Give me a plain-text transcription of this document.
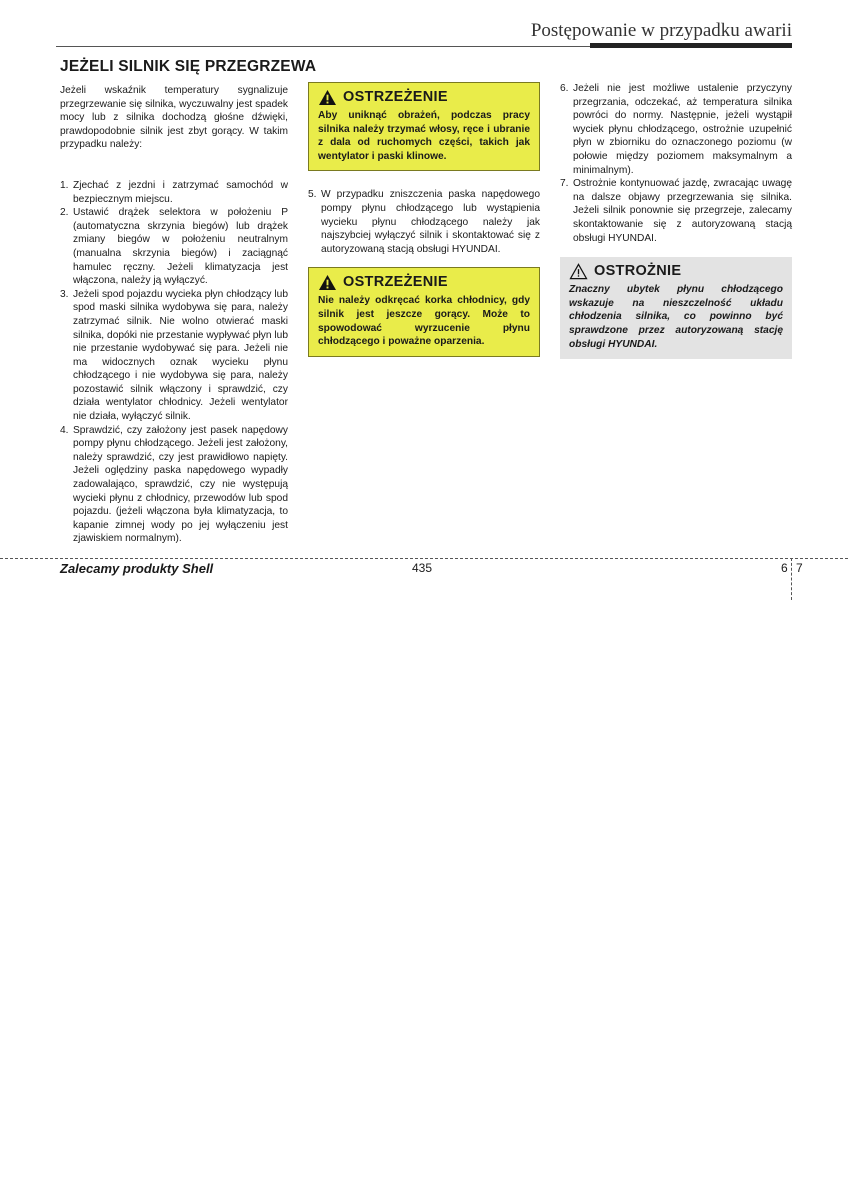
Postępowanie w przypadku awarii
JEŻELI SILNIK SIĘ PRZEGRZEWA

Jeżeli wskaźnik temperatury sygnalizuje przegrzewanie się silnika, wyczuwalny jest spadek mocy lub z silnika dochodzą głośne dźwięki, prawdopodobnie silnik jest zbyt gorący. W takim przypadku należy:

1. Zjechać z jezdni i zatrzymać samochód w bezpiecznym miejscu.
2. Ustawić drążek selektora w położeniu P (automatyczna skrzynia biegów) lub drążek zmiany biegów w położeniu neutralnym (manualna skrzynia biegów) i zaciągnąć hamulec ręczny. Jeżeli klimatyzacja jest włączona, należy ją wyłączyć.
3. Jeżeli spod pojazdu wycieka płyn chłodzący lub spod maski silnika wydobywa się para, należy zatrzymać silnik. Nie wolno otwierać maski silnika, dopóki nie przestanie wypływać płyn lub nie przestanie wydobywać się para. Jeżeli nie ma widocznych oznak wycieku płynu chłodzącego i nie wydobywa się para, należy pozostawić silnik włączony i sprawdzić, czy działa wentylator chłodnicy. Jeżeli wentylator nie działa, wyłączyć silnik.
4. Sprawdzić, czy założony jest pasek napędowy pompy płynu chłodzącego. Jeżeli jest założony, należy sprawdzić, czy jest prawidłowo napięty. Jeżeli oględziny paska napędowego wypadły zadowalająco, sprawdzić, czy nie występują wycieki płynu z chłodnicy, przewodów lub spod pojazdu. (jeżeli włączona była klimatyzacja, to kapanie zimnej wody po jej wyłączeniu jest zjawiskiem normalnym).
OSTRZEŻENIE
Aby uniknąć obrażeń, podczas pracy silnika należy trzymać włosy, ręce i ubranie z dala od ruchomych części, takich jak wentylator i paski klinowe.
5. W przypadku zniszczenia paska napędowego pompy płynu chłodzącego lub wystąpienia wycieku płynu chłodzącego należy jak najszybciej wyłączyć silnik i skontaktować się z autoryzowaną stacją obsługi HYUNDAI.
OSTRZEŻENIE
Nie należy odkręcać korka chłodnicy, gdy silnik jest jeszcze gorący. Może to spowodować wyrzucenie płynu chłodzącego i poważne oparzenia.
6. Jeżeli nie jest możliwe ustalenie przyczyny przegrzania, odczekać, aż temperatura silnika powróci do normy. Następnie, jeżeli wystąpił wyciek płynu chłodzącego, ostrożnie uzupełnić płyn w zbiorniku do oznaczonego poziomu (w połowie między poziomem maksymalnym a minimalnym).
7. Ostrożnie kontynuować jazdę, zwracając uwagę na dalsze objawy przegrzewania się silnika. Jeżeli silnik ponownie się przegrzeje, zalecamy skontaktowanie się z autoryzowaną stacją obsługi HYUNDAI.
OSTROŻNIE
Znaczny ubytek płynu chłodzącego wskazuje na nieszczelność układu chłodzenia silnika, co powinno być sprawdzone przez autoryzowaną stację obsługi HYUNDAI.
Zalecamy produkty Shell	435	6 7
